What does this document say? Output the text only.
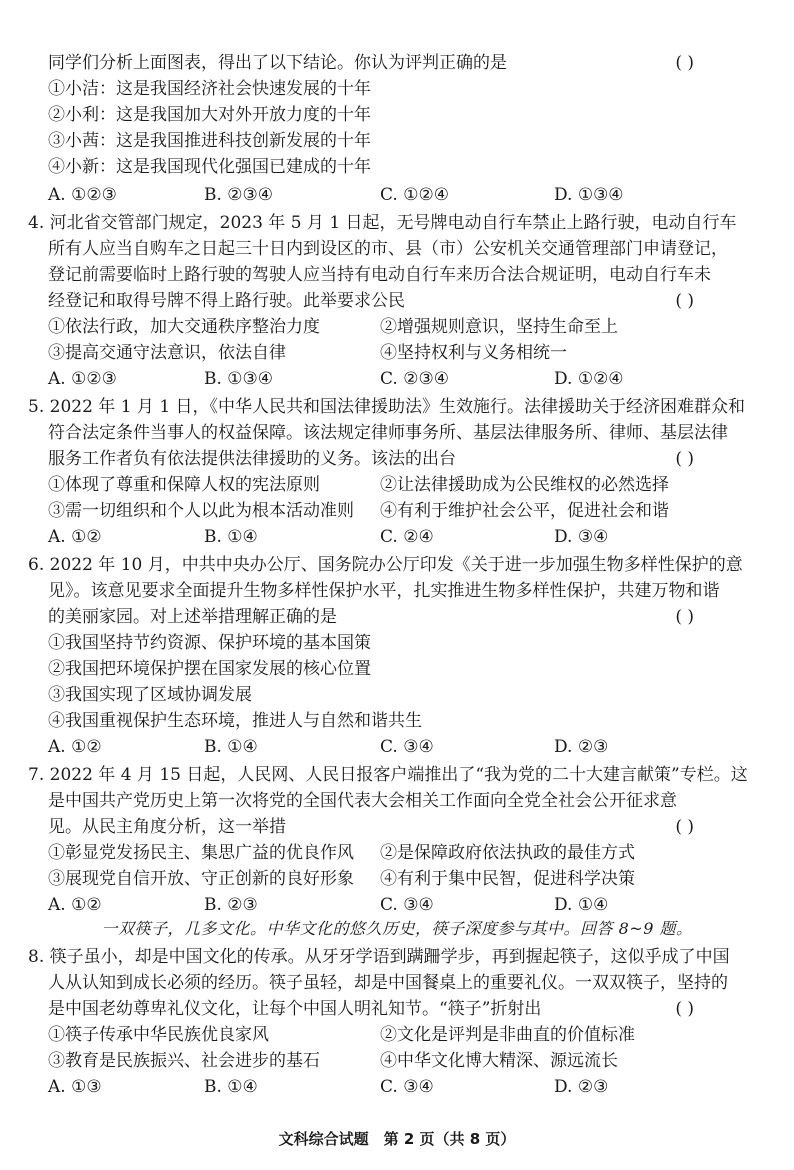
同学们分析上面图表，得出了以下结论。你认为评判正确的是	( )
①小洁：这是我国经济社会快速发展的十年
②小利：这是我国加大对外开放力度的十年
③小茜：这是我国推进科技创新发展的十年
④小新：这是我国现代化强国已建成的十年
A. ①②③	B. ②③④	C. ①②④	D. ①③④
4. 河北省交管部门规定，2023 年 5 月 1 日起，无号牌电动自行车禁止上路行驶，电动自行车
所有人应当自购车之日起三十日内到设区的市、县（市）公安机关交通管理部门申请登记，
登记前需要临时上路行驶的驾驶人应当持有电动自行车来历合法合规证明，电动自行车未
经登记和取得号牌不得上路行驶。此举要求公民	( )
①依法行政，加大交通秩序整治力度	②增强规则意识，坚持生命至上
③提高交通守法意识，依法自律	④坚持权利与义务相统一
A. ①②③	B. ①③④	C. ②③④	D. ①②④
5. 2022 年 1 月 1 日，《中华人民共和国法律援助法》生效施行。法律援助关于经济困难群众和
符合法定条件当事人的权益保障。该法规定律师事务所、基层法律服务所、律师、基层法律
服务工作者负有依法提供法律援助的义务。该法的出台	( )
①体现了尊重和保障人权的宪法原则	②让法律援助成为公民维权的必然选择
③需一切组织和个人以此为根本活动准则 ④有利于维护社会公平，促进社会和谐
A. ①②	B. ①④	C. ②④	D. ③④
6. 2022 年 10 月，中共中央办公厅、国务院办公厅印发《关于进一步加强生物多样性保护的意
见》。该意见要求全面提升生物多样性保护水平，扎实推进生物多样性保护，共建万物和谐
的美丽家园。对上述举措理解正确的是	( )
①我国坚持节约资源、保护环境的基本国策
②我国把环境保护摆在国家发展的核心位置
③我国实现了区域协调发展
④我国重视保护生态环境，推进人与自然和谐共生
A. ①②	B. ①④	C. ③④	D. ②③
7. 2022 年 4 月 15 日起，人民网、人民日报客户端推出了“我为党的二十大建言献策”专栏。这
是中国共产党历史上第一次将党的全国代表大会相关工作面向全党全社会公开征求意
见。从民主角度分析，这一举措	( )
①彰显党发扬民主、集思广益的优良作风 ②是保障政府依法执政的最佳方式
③展现党自信开放、守正创新的良好形象 ④有利于集中民智，促进科学决策
A. ①②	B. ②③	C. ③④	D. ①④
一双筷子，几多文化。中华文化的悠久历史，筷子深度参与其中。回答 8~9 题。
8. 筷子虽小，却是中国文化的传承。从牙牙学语到蹒跚学步，再到握起筷子，这似乎成了中国
人从认知到成长必须的经历。筷子虽轻，却是中国餐桌上的重要礼仪。一双双筷子，坚持的
是中国老幼尊卑礼仪文化，让每个中国人明礼知节。“筷子”折射出	( )
①筷子传承中华民族优良家风	②文化是评判是非曲直的价值标准
③教育是民族振兴、社会进步的基石	④中华文化博大精深、源远流长
A. ①③	B. ①④	C. ③④	D. ②③
文科综合试题　第 2 页（共 8 页）
